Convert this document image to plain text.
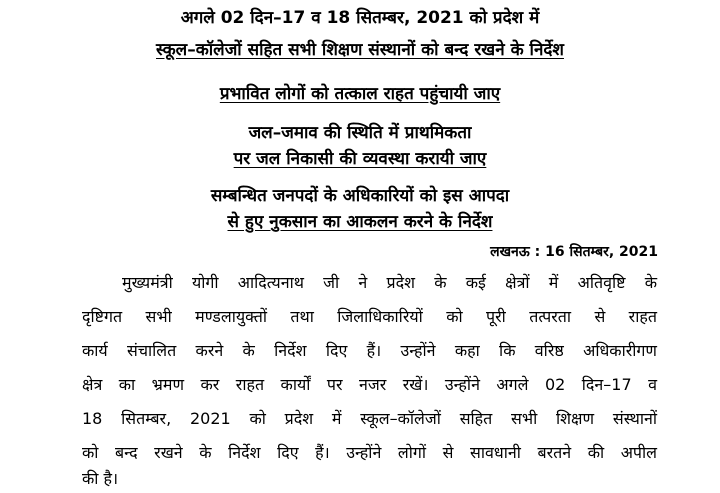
अगले 02 दिन–17 व 18 सितम्बर, 2021 को प्रदेश में
स्कूल–कॉलेजों सहित सभी शिक्षण संस्थानों को बन्द रखने के निर्देश
प्रभावित लोगों को तत्काल राहत पहुंचायी जाए
जल–जमाव की स्थिति में प्राथमिकता
पर जल निकासी की व्यवस्था करायी जाए
सम्बन्धित जनपदों के अधिकारियों को इस आपदा
से हुए नुकसान का आकलन करने के निर्देश
लखनऊ : 16 सितम्बर, 2021
मुख्यमंत्री योगी आदित्यनाथ जी ने प्रदेश के कई क्षेत्रों में अतिवृष्टि के
दृष्टिगत सभी मण्डलायुक्तों तथा जिलाधिकारियों को पूरी तत्परता से राहत
कार्य संचालित करने के निर्देश दिए हैं। उन्होंने कहा कि वरिष्ठ अधिकारीगण
क्षेत्र का भ्रमण कर राहत कार्यों पर नजर रखें। उन्होंने अगले 02 दिन–17 व
18 सितम्बर, 2021 को प्रदेश में स्कूल–कॉलेजों सहित सभी शिक्षण संस्थानों
को बन्द रखने के निर्देश दिए हैं। उन्होंने लोगों से सावधानी बरतने की अपील
की है।
